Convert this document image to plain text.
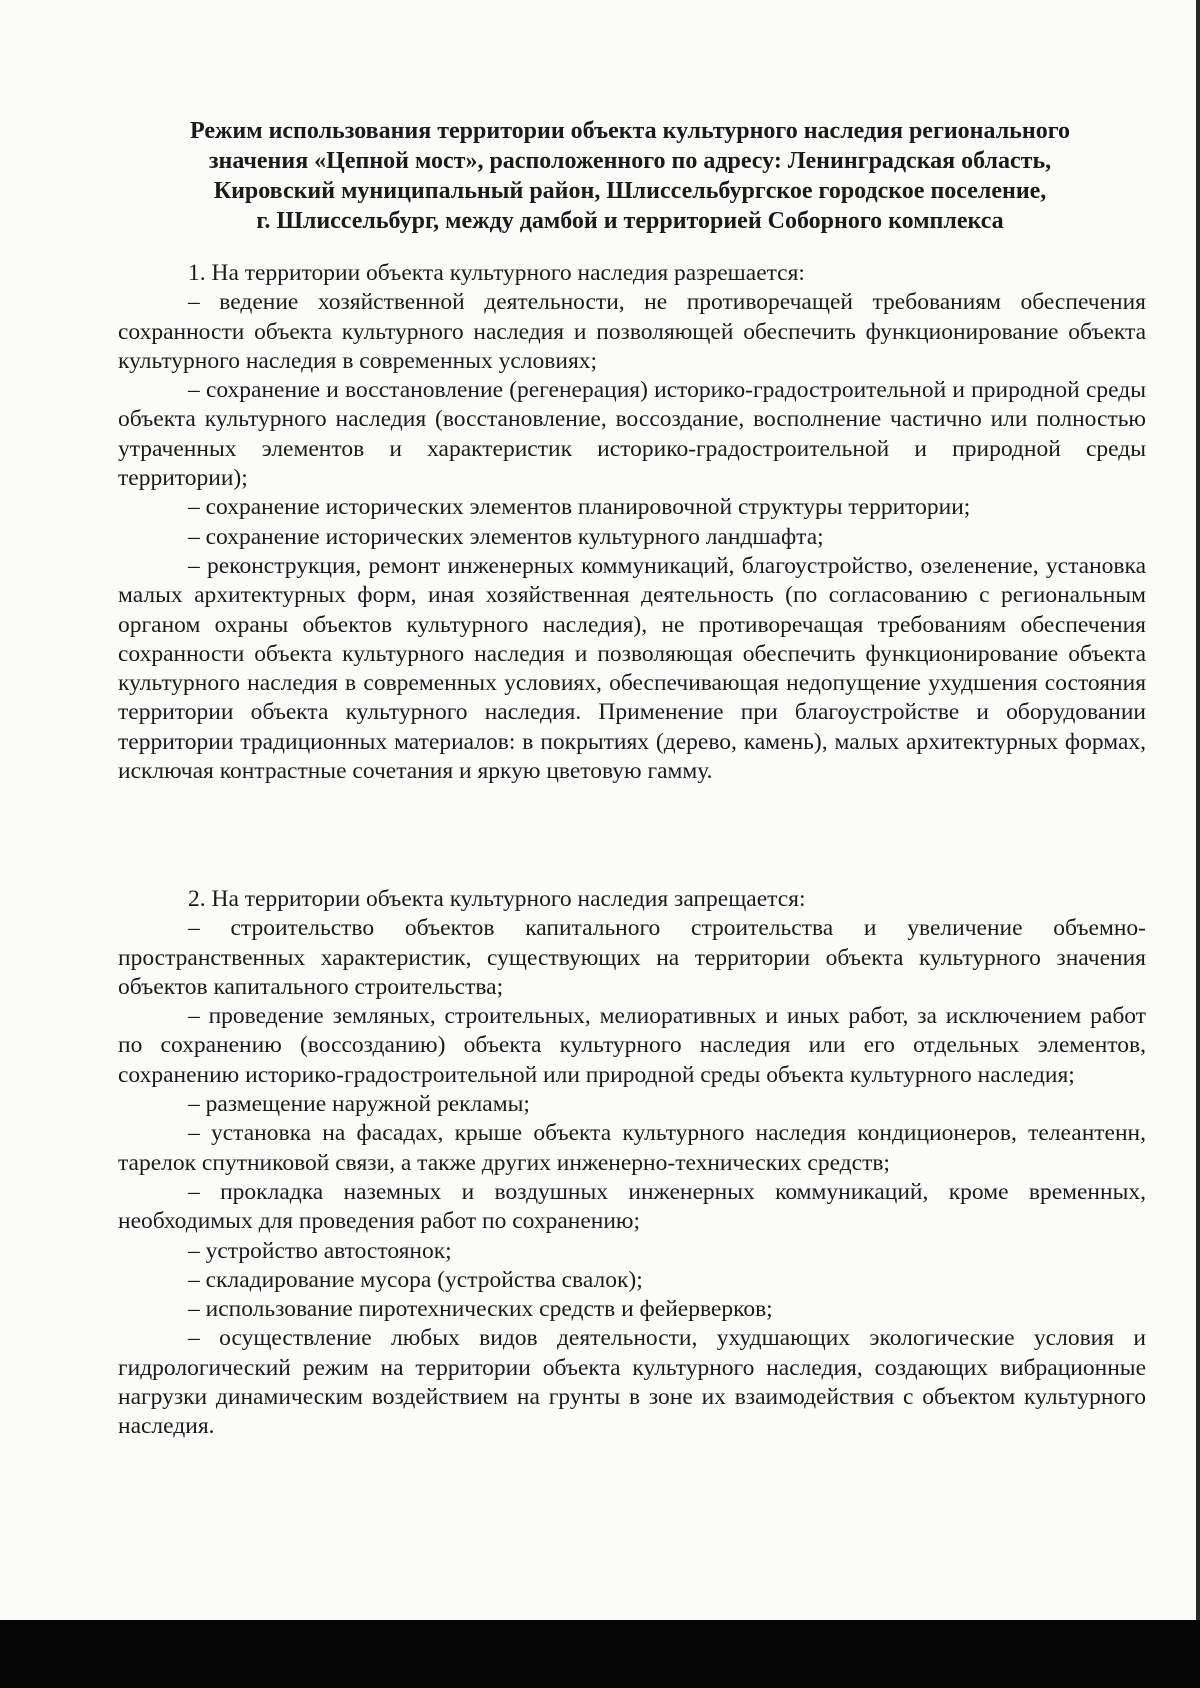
Режим использования территории объекта культурного наследия регионального
значения «Цепной мост», расположенного по адресу: Ленинградская область,
Кировский муниципальный район, Шлиссельбургское городское поселение,
г. Шлиссельбург, между дамбой и территорией Соборного комплекса

1. На территории объекта культурного наследия разрешается:

– ведение хозяйственной деятельности, не противоречащей требованиям обеспечения сохранности объекта культурного наследия и позволяющей обеспечить функционирование объекта культурного наследия в современных условиях;

– сохранение и восстановление (регенерация) историко-градостроительной и природной среды объекта культурного наследия (восстановление, воссоздание, восполнение частично или полностью утраченных элементов и характеристик историко-градостроительной и природной среды территории);

– сохранение исторических элементов планировочной структуры территории;

– сохранение исторических элементов культурного ландшафта;

– реконструкция, ремонт инженерных коммуникаций, благоустройство, озеленение, установка малых архитектурных форм, иная хозяйственная деятельность (по согласованию с региональным органом охраны объектов культурного наследия), не противоречащая требованиям обеспечения сохранности объекта культурного наследия и позволяющая обеспечить функционирование объекта культурного наследия в современных условиях, обеспечивающая недопущение ухудшения состояния территории объекта культурного наследия. Применение при благоустройстве и оборудовании территории традиционных материалов: в покрытиях (дерево, камень), малых архитектурных формах, исключая контрастные сочетания и яркую цветовую гамму.

2. На территории объекта культурного наследия запрещается:

– строительство объектов капитального строительства и увеличение объемно-пространственных характеристик, существующих на территории объекта культурного значения объектов капитального строительства;

– проведение земляных, строительных, мелиоративных и иных работ, за исключением работ по сохранению (воссозданию) объекта культурного наследия или его отдельных элементов, сохранению историко-градостроительной или природной среды объекта культурного наследия;

– размещение наружной рекламы;

– установка на фасадах, крыше объекта культурного наследия кондиционеров, телеантенн, тарелок спутниковой связи, а также других инженерно-технических средств;

– прокладка наземных и воздушных инженерных коммуникаций, кроме временных, необходимых для проведения работ по сохранению;

– устройство автостоянок;

– складирование мусора (устройства свалок);

– использование пиротехнических средств и фейерверков;

– осуществление любых видов деятельности, ухудшающих экологические условия и гидрологический режим на территории объекта культурного наследия, создающих вибрационные нагрузки динамическим воздействием на грунты в зоне их взаимодействия с объектом культурного наследия.
